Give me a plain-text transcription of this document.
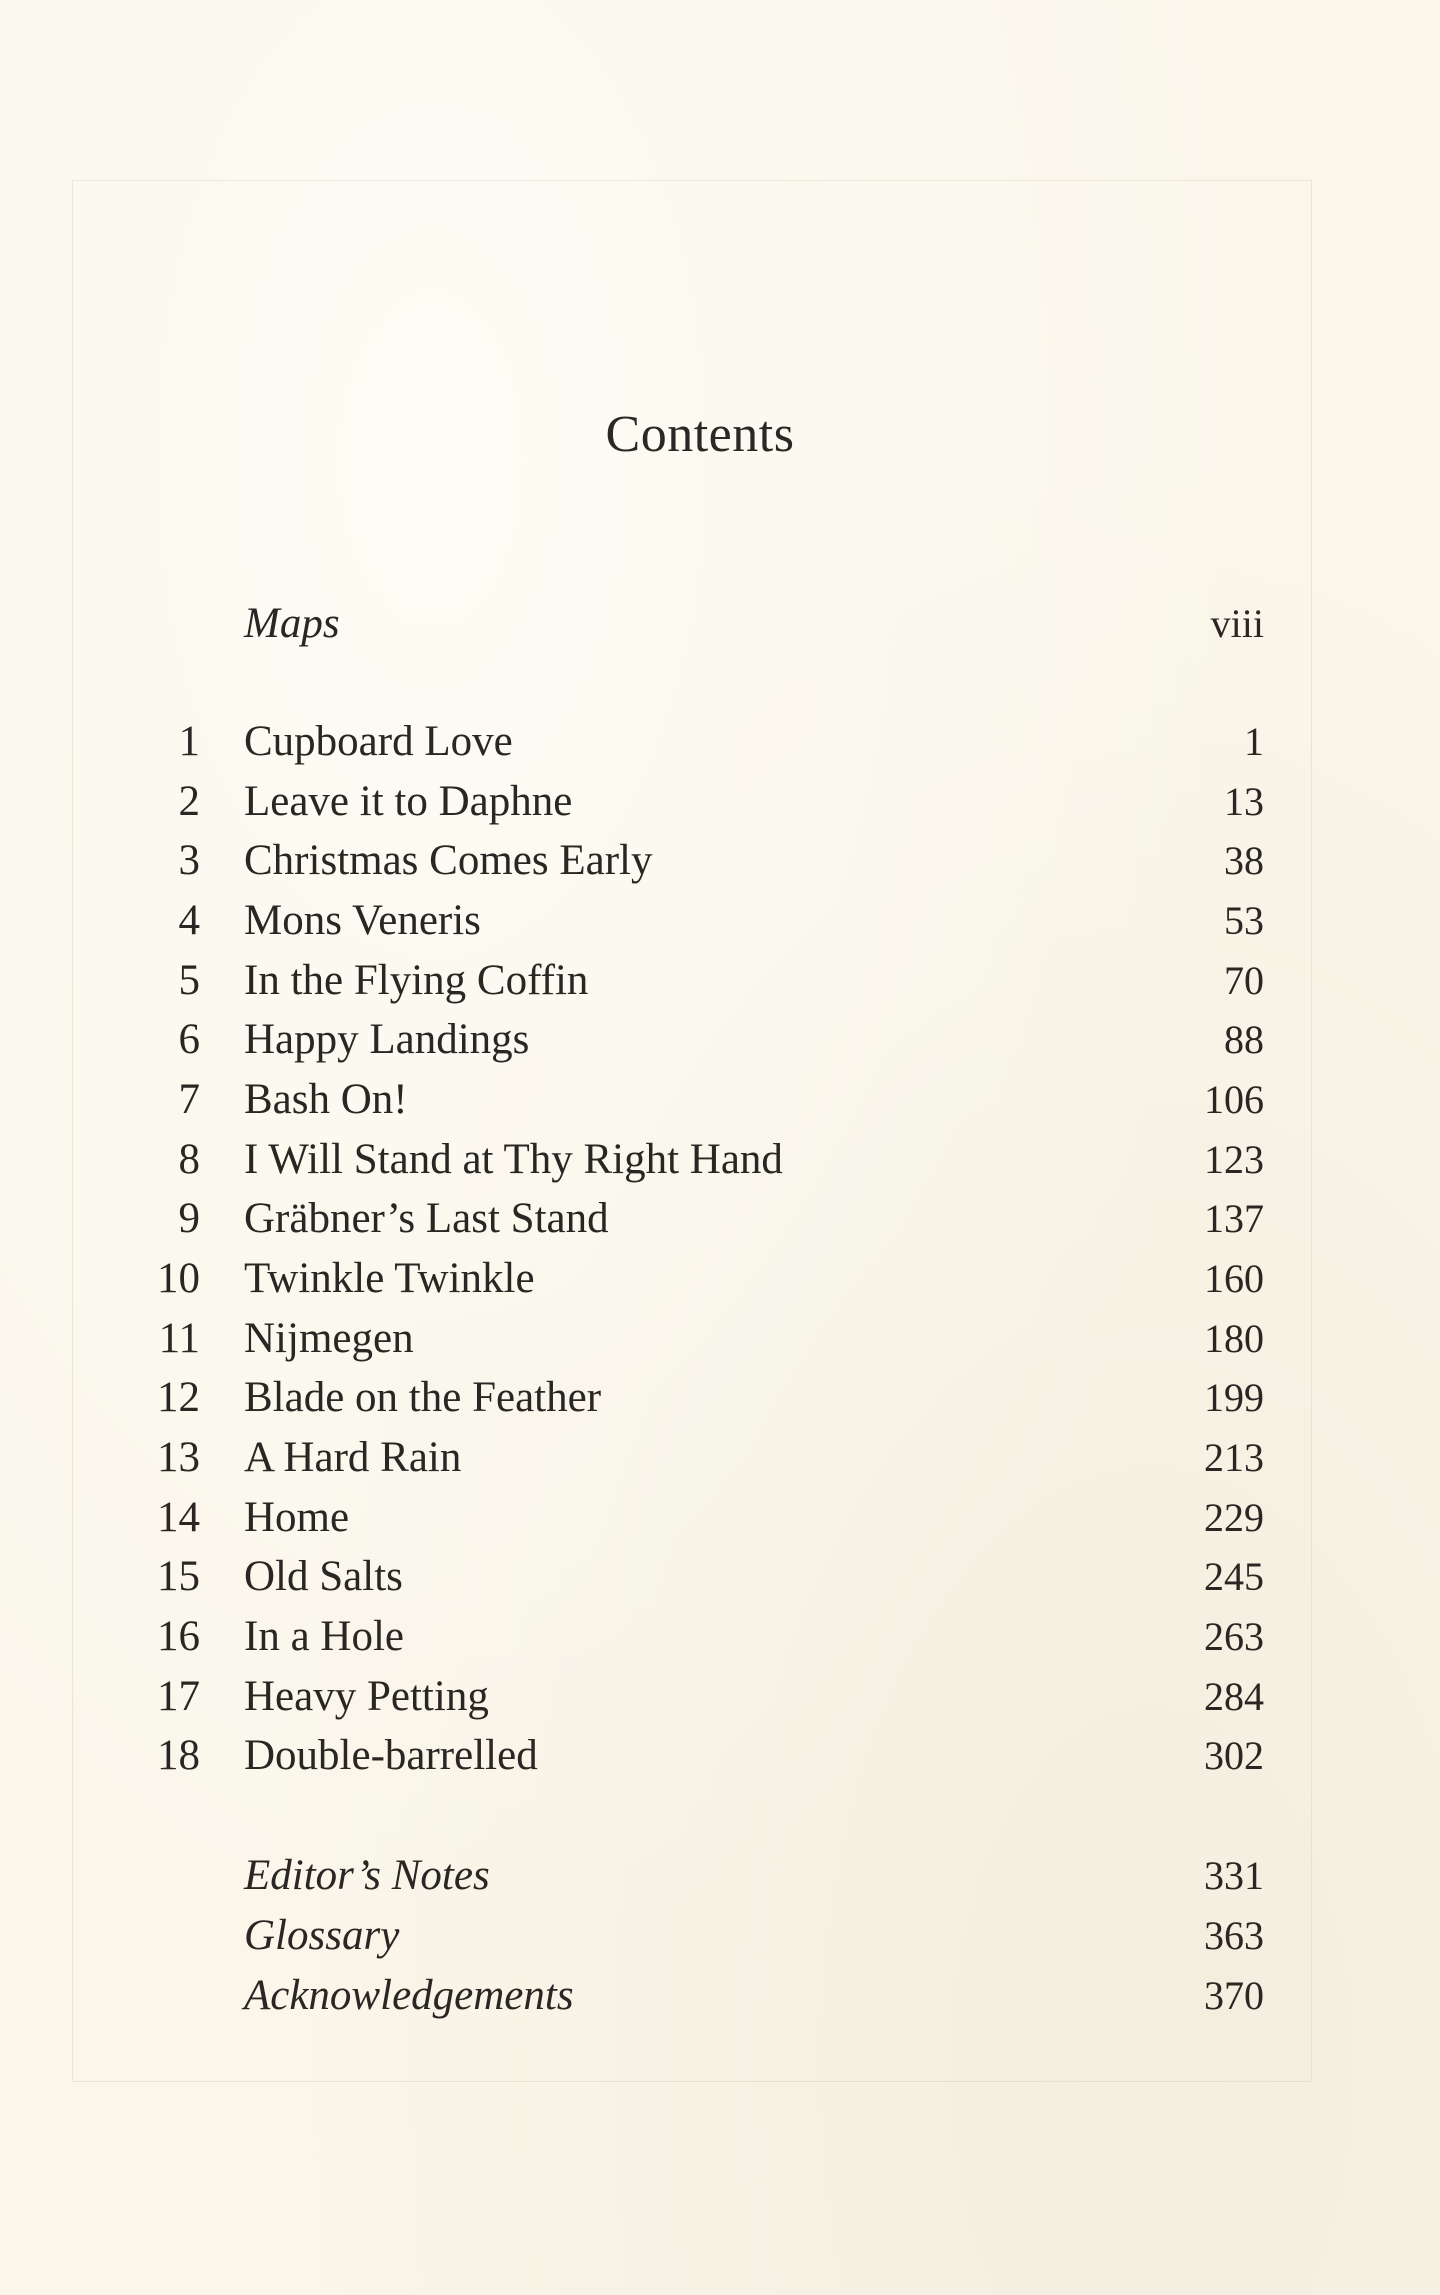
Contents
Maps	viii
1 Cupboard Love	1
2 Leave it to Daphne	13
3 Christmas Comes Early	38
4 Mons Veneris	53
5 In the Flying Coffin	70
6 Happy Landings	88
7 Bash On!	106
8 I Will Stand at Thy Right Hand	123
9 Gräbner’s Last Stand	137
10 Twinkle Twinkle	160
11 Nijmegen	180
12 Blade on the Feather	199
13 A Hard Rain	213
14 Home	229
15 Old Salts	245
16 In a Hole	263
17 Heavy Petting	284
18 Double-barrelled	302
Editor’s Notes	331
Glossary	363
Acknowledgements	370
